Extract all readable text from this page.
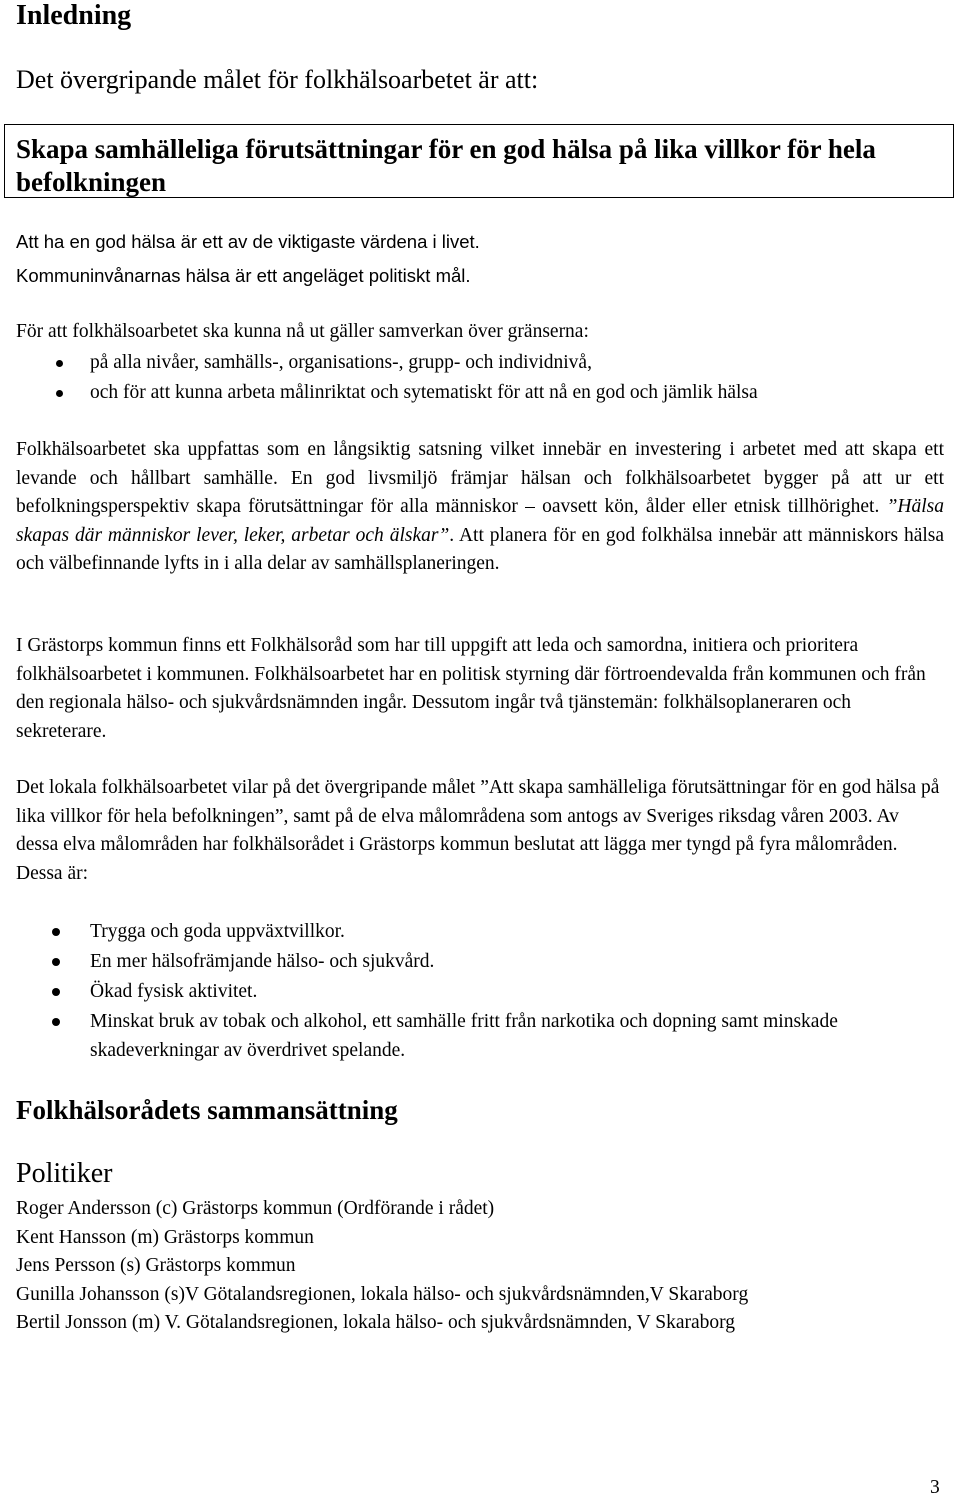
Inledning

Det övergripande målet för folkhälsoarbetet är att:

Skapa samhälleliga förutsättningar för en god hälsa på lika villkor för hela befolkningen

Att ha en god hälsa är ett av de viktigaste värdena i livet.

Kommuninvånarnas hälsa är ett angeläget politiskt mål.

För att folkhälsoarbetet ska kunna nå ut gäller samverkan över gränserna:

på alla nivåer, samhälls-, organisations-, grupp- och individnivå,
och för att kunna arbeta målinriktat och sytematiskt för att nå en god och jämlik hälsa

Folkhälsoarbetet ska uppfattas som en långsiktig satsning vilket innebär en investering i arbetet med att skapa ett levande och hållbart samhälle. En god livsmiljö främjar hälsan och folkhälsoarbetet bygger på att ur ett befolkningsperspektiv skapa förutsättningar för alla människor – oavsett kön, ålder eller etnisk tillhörighet. ”Hälsa skapas där människor lever, leker, arbetar och älskar”. Att planera för en god folkhälsa innebär att människors hälsa och välbefinnande lyfts in i alla delar av samhällsplaneringen.

I Grästorps kommun finns ett Folkhälsoråd som har till uppgift att leda och samordna, initiera och prioritera folkhälsoarbetet i kommunen. Folkhälsoarbetet har en politisk styrning där förtroendevalda från kommunen och från den regionala hälso- och sjukvårdsnämnden ingår. Dessutom ingår två tjänstemän: folkhälsoplaneraren och sekreterare.

Det lokala folkhälsoarbetet vilar på det övergripande målet ”Att skapa samhälleliga förutsättningar för en god hälsa på lika villkor för hela befolkningen”, samt på de elva målområdena som antogs av Sveriges riksdag våren 2003. Av dessa elva målområden har folkhälsorådet i Grästorps kommun beslutat att lägga mer tyngd på fyra målområden. Dessa är:

Trygga och goda uppväxtvillkor.
En mer hälsofrämjande hälso- och sjukvård.
Ökad fysisk aktivitet.
Minskat bruk av tobak och alkohol, ett samhälle fritt från narkotika och dopning samt minskade skadeverkningar av överdrivet spelande.
Folkhälsorådets sammansättning
Politiker
Roger Andersson (c) Grästorps kommun (Ordförande i rådet)
Kent Hansson (m) Grästorps kommun
Jens Persson (s) Grästorps kommun
Gunilla Johansson (s)V Götalandsregionen, lokala hälso- och sjukvårdsnämnden,V Skaraborg
Bertil Jonsson (m) V. Götalandsregionen, lokala hälso- och sjukvårdsnämnden, V Skaraborg
3
